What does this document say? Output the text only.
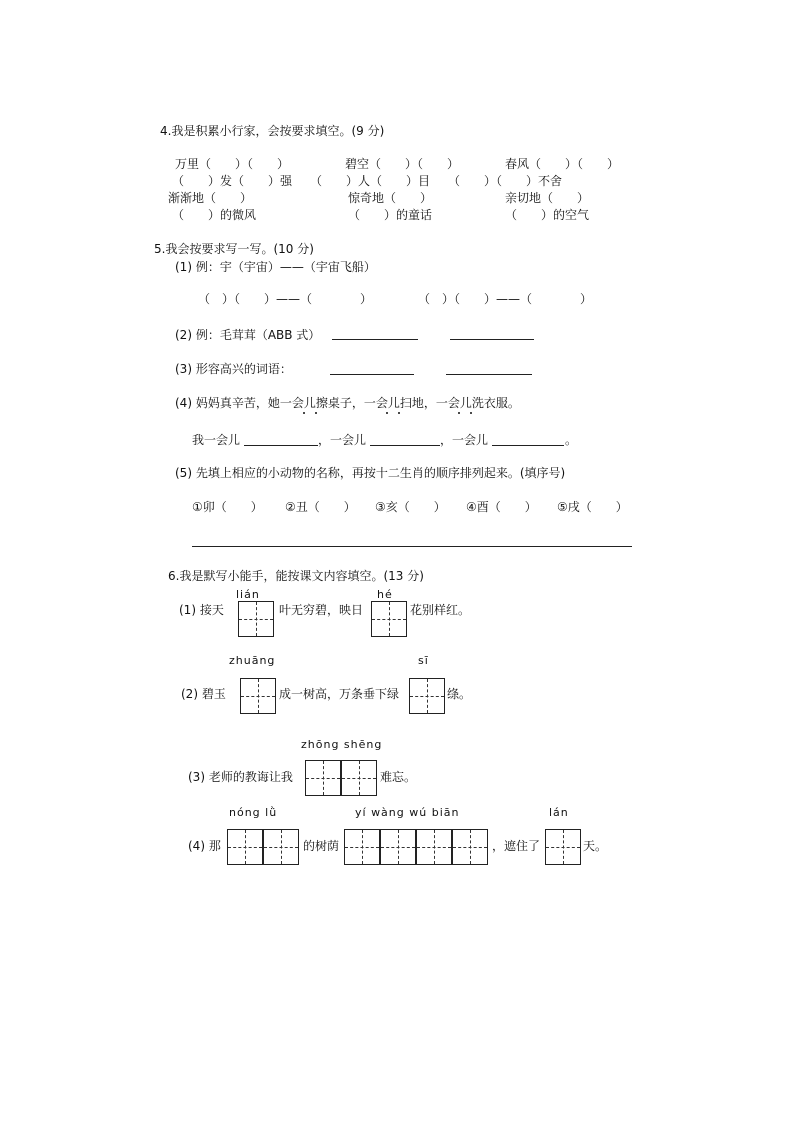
4.我是积累小行家，会按要求填空。(9 分)
万里（　　）（　　）	碧空（　　）（　　）	春风（　　）（　　）
（　　）发（　　）强　　（　　）人（　　）目　　（　　）（　　）不舍
渐渐地（　　）	惊奇地（　　）	亲切地（　　）
（　　）的微风	（　　）的童话	（　　）的空气
5.我会按要求写一写。(10 分)
(1) 例：宇（宇宙）——（宇宙飞船）
（　）（　　）——（　　　　）	（　）（　　）——（　　　　）
(2) 例：毛茸茸（ABB 式）
(3) 形容高兴的词语：
(4) 妈妈真辛苦，她一会儿擦桌子，一会儿扫地，一会儿洗衣服。
我一会儿	，一会儿	，一会儿	。
(5) 先填上相应的小动物的名称，再按十二生肖的顺序排列起来。(填序号)
①卯（　　） ②丑（　　） ③亥（　　） ④酉（　　） ⑤戌（　　）
6.我是默写小能手，能按课文内容填空。(13 分)
lián	hé
(1) 接天	叶无穷碧，映日	花别样红。
zhuāng	sī
(2) 碧玉	成一树高，万条垂下绿	绦。
zhōng shēng
(3) 老师的教诲让我	难忘。
nóng lǜ	yí wàng wú biān	lán
(4) 那	的树荫	，遮住了	天。
